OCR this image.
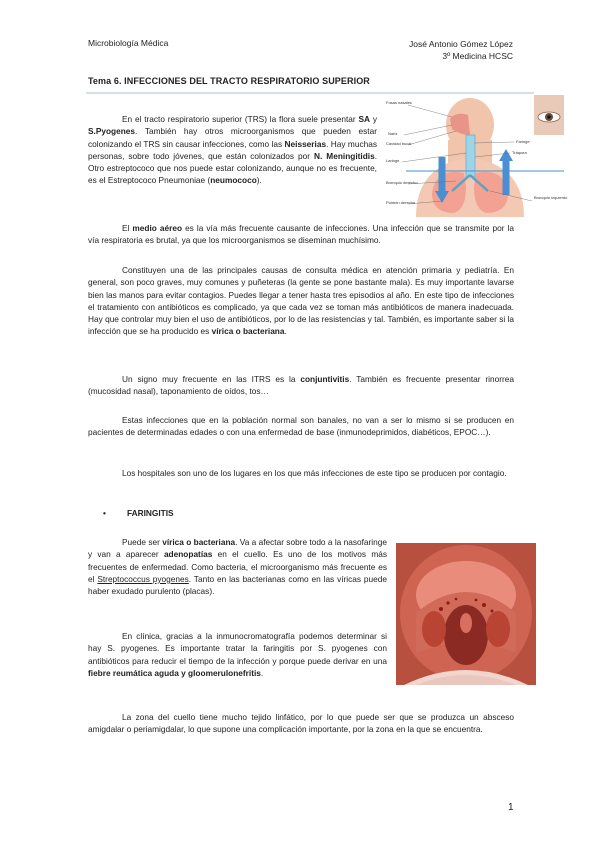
Microbiología Médica	José Antonio Gómez López
3º Medicina HCSC
Tema 6. INFECCIONES DEL TRACTO RESPIRATORIO SUPERIOR
Fosas nasales
Nariz
Cavidad bucal
Laringe
Faringe
Tráquea
Bronquio derecho
Pulmón derecho
Bronquio izquierdo
En el tracto respiratorio superior (TRS) la flora suele presentar SA y S.Pyogenes. También hay otros microorganismos que pueden estar colonizando el TRS sin causar infecciones, como las Neisserias. Hay muchas personas, sobre todo jóvenes, que están colonizados por N. Meningitidis. Otro estreptococo que nos puede estar colonizando, aunque no es frecuente, es el Estreptococo Pneumoniae (neumococo).
El medio aéreo es la vía más frecuente causante de infecciones. Una infección que se transmite por la vía respiratoria es brutal, ya que los microorganismos se diseminan muchísimo.
Constituyen una de las principales causas de consulta médica en atención primaria y pediatría. En general, son poco graves, muy comunes y puñeteras (la gente se pone bastante mala). Es muy importante lavarse bien las manos para evitar contagios. Puedes llegar a tener hasta tres episodios al año. En este tipo de infecciones el tratamiento con antibióticos es complicado, ya que cada vez se toman más antibióticos de manera inadecuada. Hay que controlar muy bien el uso de antibióticos, por lo de las resistencias y tal. También, es importante saber si la infección que se ha producido es vírica o bacteriana.
Un signo muy frecuente en las ITRS es la conjuntivitis. También es frecuente presentar rinorrea (mucosidad nasal), taponamiento de oídos, tos…
Estas infecciones que en la población normal son banales, no van a ser lo mismo si se producen en pacientes de determinadas edades o con una enfermedad de base (inmunodeprimidos, diabéticos, EPOC…).
Los hospitales son uno de los lugares en los que más infecciones de este tipo se producen por contagio.
•	FARINGITIS
Puede ser vírica o bacteriana. Va a afectar sobre todo a la nasofaringe y van a aparecer adenopatías en el cuello. Es uno de los motivos más frecuentes de enfermedad. Como bacteria, el microorganismo más frecuente es el Streptococcus pyogenes. Tanto en las bacterianas como en las víricas puede haber exudado purulento (placas).
En clínica, gracias a la inmunocromatografía podemos determinar si hay S. pyogenes. Es importante tratar la faringitis por S. pyogenes con antibióticos para reducir el tiempo de la infección y porque puede derivar en una fiebre reumática aguda y gloomerulonefritis.
La zona del cuello tiene mucho tejido linfático, por lo que puede ser que se produzca un absceso amigdalar o periamigdalar, lo que supone una complicación importante, por la zona en la que se encuentra.
1
